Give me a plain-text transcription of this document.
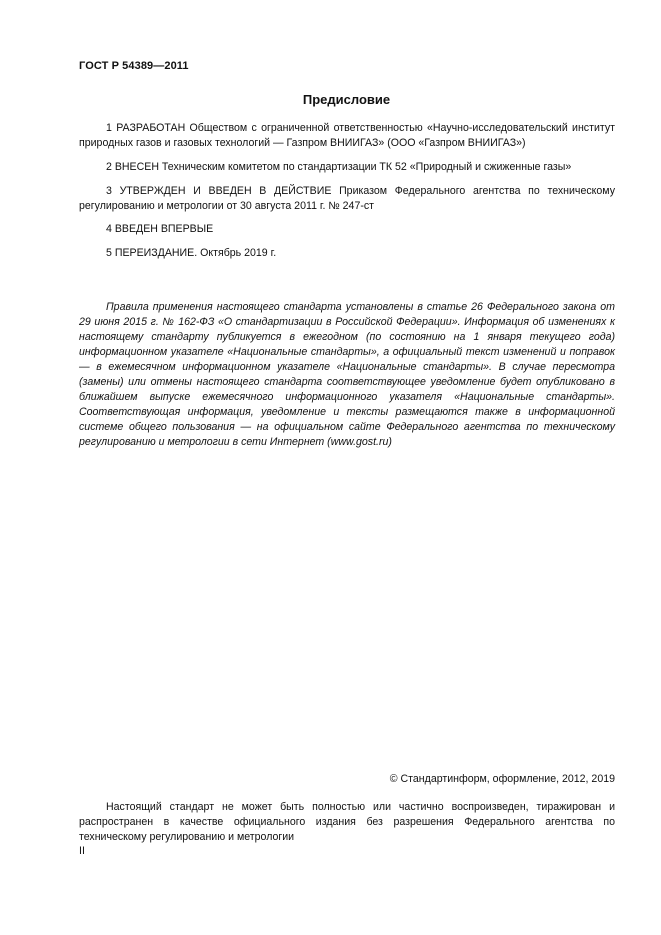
ГОСТ Р 54389—2011
Предисловие

1 РАЗРАБОТАН Обществом с ограниченной ответственностью «Научно-исследовательский институт природных газов и газовых технологий — Газпром ВНИИГАЗ» (ООО «Газпром ВНИИГАЗ»)

2 ВНЕСЕН Техническим комитетом по стандартизации ТК 52 «Природный и сжиженные газы»

3 УТВЕРЖДЕН И ВВЕДЕН В ДЕЙСТВИЕ Приказом Федерального агентства по техническому регулированию и метрологии от 30 августа 2011 г. № 247-ст

4 ВВЕДЕН ВПЕРВЫЕ

5 ПЕРЕИЗДАНИЕ. Октябрь 2019 г.

Правила применения настоящего стандарта установлены в статье 26 Федерального закона от 29 июня 2015 г. № 162-ФЗ «О стандартизации в Российской Федерации». Информация об изменениях к настоящему стандарту публикуется в ежегодном (по состоянию на 1 января текущего года) информационном указателе «Национальные стандарты», а официальный текст изменений и поправок — в ежемесячном информационном указателе «Национальные стандарты». В случае пересмотра (замены) или отмены настоящего стандарта соответствующее уведомление будет опубликовано в ближайшем выпуске ежемесячного информационного указателя «Национальные стандарты». Соответствующая информация, уведомление и тексты размещаются также в информационной системе общего пользования — на официальном сайте Федерального агентства по техническому регулированию и метрологии в сети Интернет (www.gost.ru)

© Стандартинформ, оформление, 2012, 2019

Настоящий стандарт не может быть полностью или частично воспроизведен, тиражирован и распространен в качестве официального издания без разрешения Федерального агентства по техническому регулированию и метрологии

II
